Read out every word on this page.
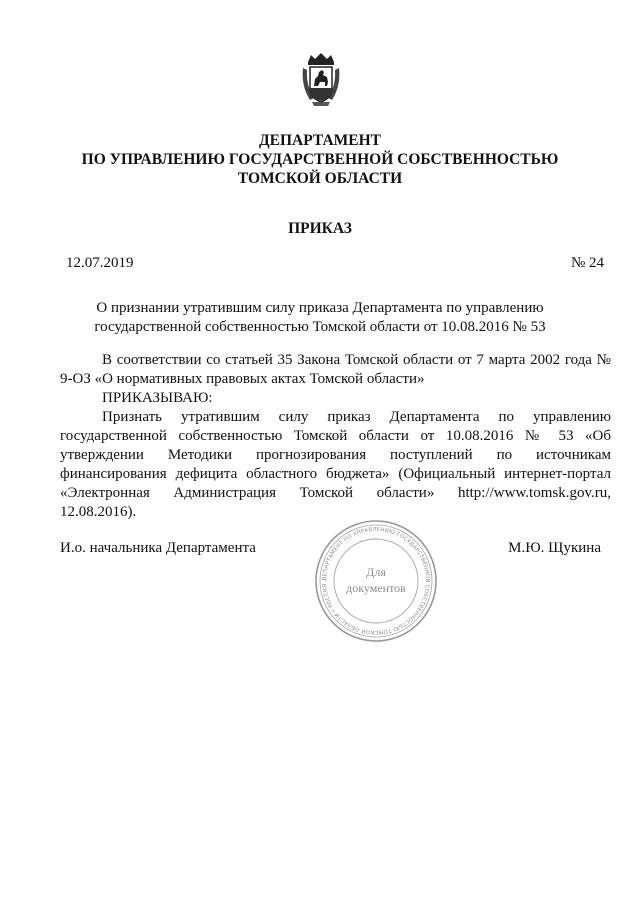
ДЕПАРТАМЕНТ
ПО УПРАВЛЕНИЮ ГОСУДАРСТВЕННОЙ СОБСТВЕННОСТЬЮ
ТОМСКОЙ ОБЛАСТИ
ПРИКАЗ
12.07.2019	№ 24
О признании утратившим силу приказа Департамента по управлению
государственной собственностью Томской области от 10.08.2016 № 53
В соответствии со статьей 35 Закона Томской области от 7 марта 2002 года №
9-ОЗ «О нормативных правовых актах Томской области»
ПРИКАЗЫВАЮ:
Признать утратившим силу приказ Департамента по управлению
государственной собственностью Томской области от 10.08.2016 № 53 «Об
утверждении Методики прогнозирования поступлений по источникам
финансирования дефицита областного бюджета» (Официальный интернет-портал
«Электронная Администрация Томской области» http://www.tomsk.gov.ru,
12.08.2016).
И.о. начальника Департамента	М.Ю. Щукина
ДЕПАРТАМЕНТ ПО УПРАВЛЕНИЮ ГОСУДАРСТВЕННОЙ СОБСТВЕННОСТЬЮ ТОМСКОЙ ОБЛАСТИ • РОССИЯ
Для
документов
